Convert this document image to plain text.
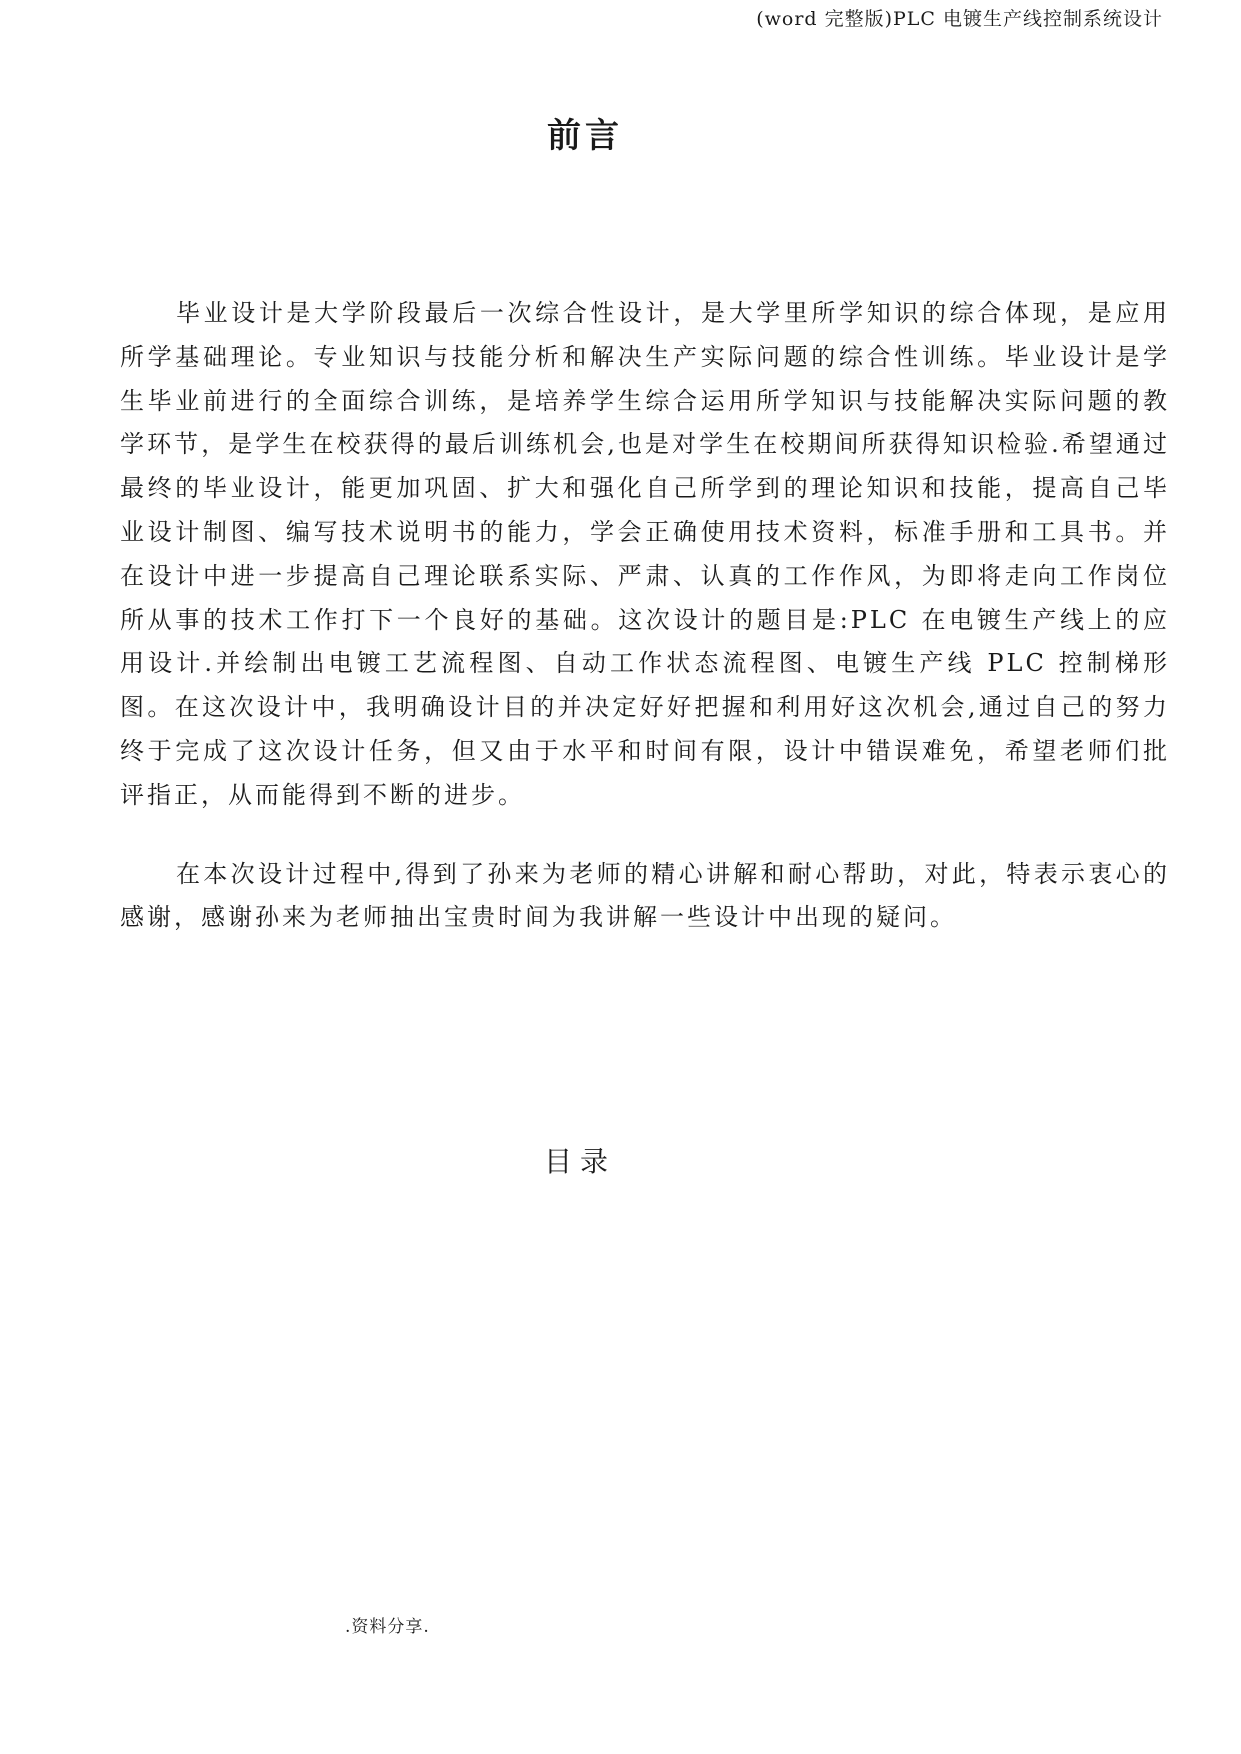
(word 完整版)PLC 电镀生产线控制系统设计
前言

毕业设计是大学阶段最后一次综合性设计，是大学里所学知识的综合体现，是应用所学基础理论。专业知识与技能分析和解决生产实际问题的综合性训练。毕业设计是学生毕业前进行的全面综合训练，是培养学生综合运用所学知识与技能解决实际问题的教学环节，是学生在校获得的最后训练机会,也是对学生在校期间所获得知识检验.希望通过最终的毕业设计，能更加巩固、扩大和强化自己所学到的理论知识和技能，提高自己毕业设计制图、编写技术说明书的能力，学会正确使用技术资料，标准手册和工具书。并在设计中进一步提高自己理论联系实际、严肃、认真的工作作风，为即将走向工作岗位所从事的技术工作打下一个良好的基础。这次设计的题目是:PLC 在电镀生产线上的应用设计.并绘制出电镀工艺流程图、自动工作状态流程图、电镀生产线 PLC 控制梯形图。在这次设计中，我明确设计目的并决定好好把握和利用好这次机会,通过自己的努力终于完成了这次设计任务，但又由于水平和时间有限，设计中错误难免，希望老师们批评指正，从而能得到不断的进步。

在本次设计过程中,得到了孙来为老师的精心讲解和耐心帮助，对此，特表示衷心的感谢，感谢孙来为老师抽出宝贵时间为我讲解一些设计中出现的疑问。

目录
.资料分享.
